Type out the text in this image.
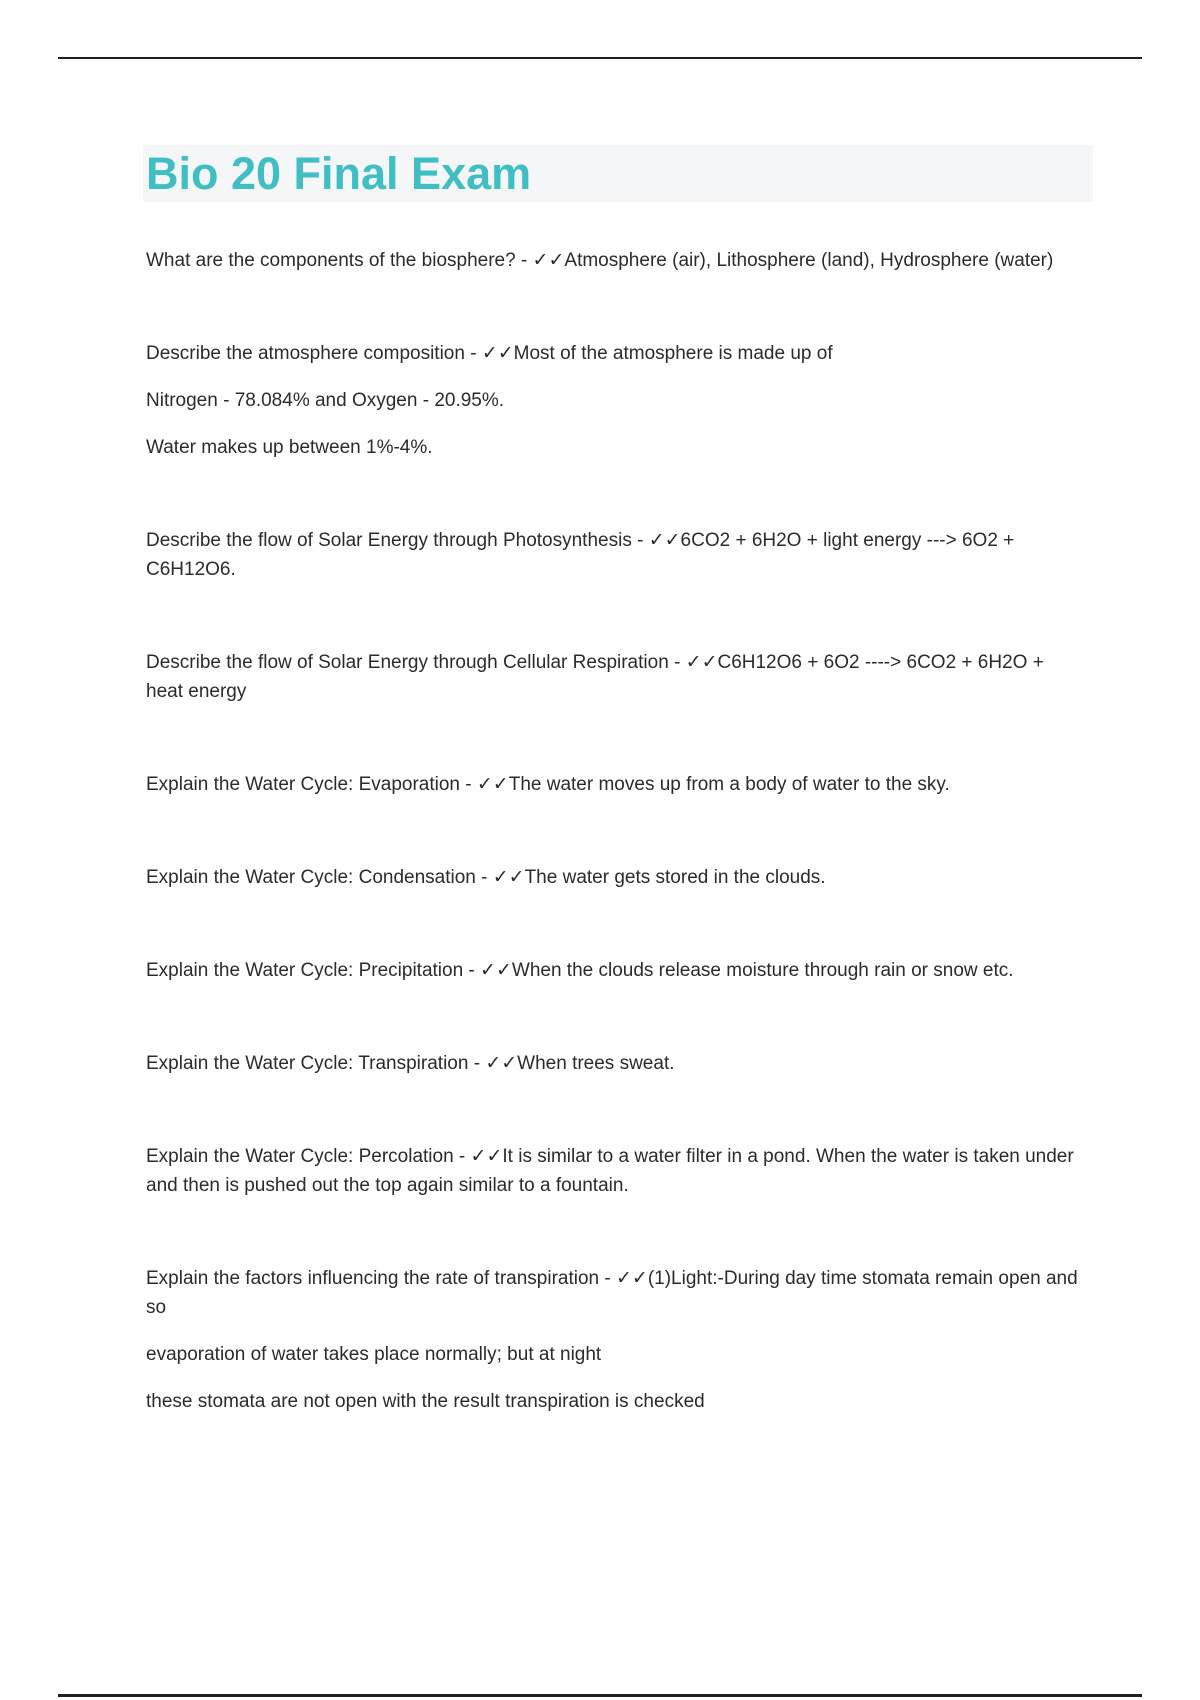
Bio 20 Final Exam

What are the components of the biosphere? - ✓✓Atmosphere (air), Lithosphere (land), Hydrosphere (water)

Describe the atmosphere composition - ✓✓Most of the atmosphere is made up of

Nitrogen - 78.084% and Oxygen - 20.95%.

Water makes up between 1%-4%.

Describe the flow of Solar Energy through Photosynthesis - ✓✓6CO2 + 6H2O + light energy ---> 6O2 + C6H12O6.

Describe the flow of Solar Energy through Cellular Respiration - ✓✓C6H12O6 + 6O2 ----> 6CO2 + 6H2O + heat energy

Explain the Water Cycle: Evaporation - ✓✓The water moves up from a body of water to the sky.

Explain the Water Cycle: Condensation - ✓✓The water gets stored in the clouds.

Explain the Water Cycle: Precipitation - ✓✓When the clouds release moisture through rain or snow etc.

Explain the Water Cycle: Transpiration - ✓✓When trees sweat.

Explain the Water Cycle: Percolation - ✓✓It is similar to a water filter in a pond. When the water is taken under and then is pushed out the top again similar to a fountain.

Explain the factors influencing the rate of transpiration - ✓✓(1)Light:-During day time stomata remain open and so

evaporation of water takes place normally; but at night

these stomata are not open with the result transpiration is checked
